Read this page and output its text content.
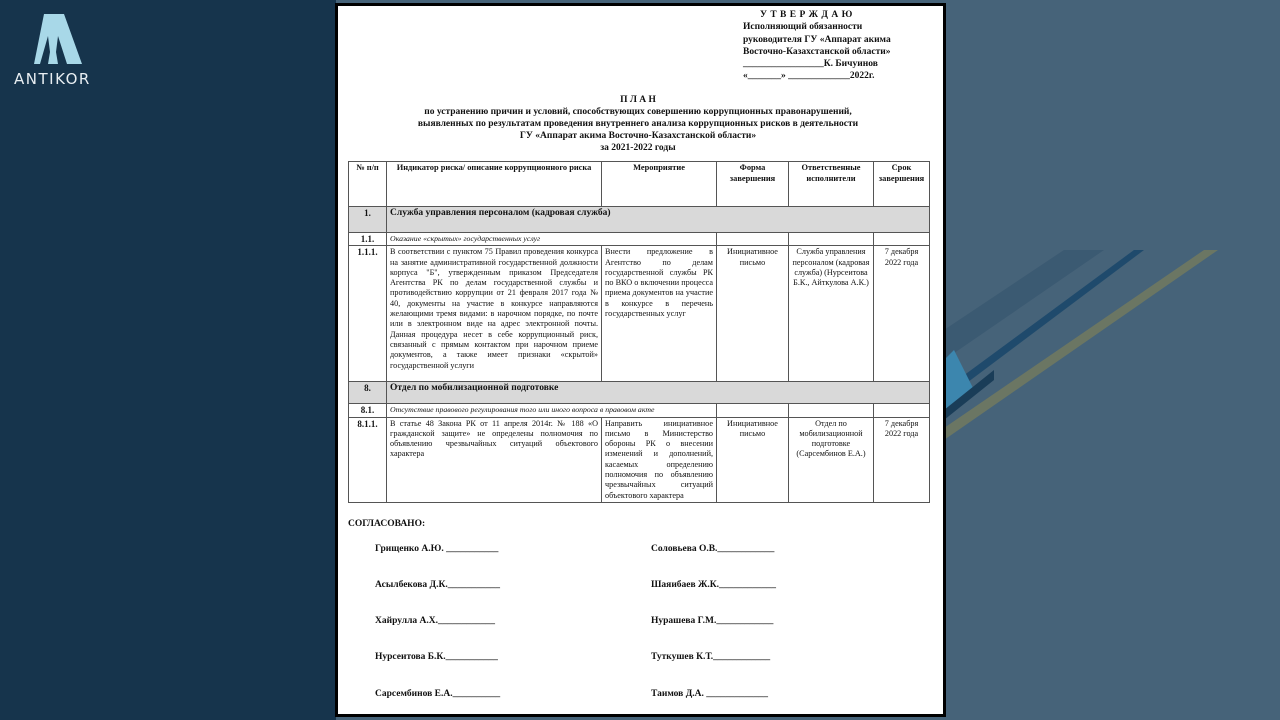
ANTIKOR
У Т В Е Р Ж Д А Ю
Исполняющий обязанности
руководителя ГУ «Аппарат акима
Восточно-Казахстанской области»
_________________К. Бичуинов
«_______» _____________2022г.
П Л А Н
по устранению причин и условий, способствующих совершению коррупционных правонарушений,
выявленных по результатам проведения внутреннего анализа коррупционных рисков в деятельности
ГУ «Аппарат акима Восточно-Казахстанской области»
за 2021-2022 годы
№ п/п	Индикатор риска/ описание коррупционного риска	Мероприятие	Форма завершения	Ответственные исполнители	Срок завершения
1.	Служба управления персоналом (кадровая служба)				
1.1.	Оказание «скрытых» государственных услуг				
1.1.1.	В соответствии с пунктом 75 Правил проведения конкурса на занятие административной государственной должности корпуса "Б", утвержденным приказом Председателя Агентства РК по делам государственной службы и противодействию коррупции от 21 февраля 2017 года № 40, документы на участие в конкурсе направляются желающими тремя видами: в нарочном порядке, по почте или в электронном виде на адрес электронной почты. Данная процедура несет в себе коррупционный риск, связанный с прямым контактом при нарочном приеме документов, а также имеет признаки «скрытой» государственной услуги	Внести предложение в Агентство по делам государственной службы РК по ВКО о включении процесса приема документов на участие в конкурсе в перечень государственных услуг	Инициативное письмо	Служба управления персоналом (кадровая служба) (Нурсеитова Б.К., Айткулова А.К.)	7 декабря 2022 года
8.	Отдел по мобилизационной подготовке				
8.1.	Отсутствие правового регулирования того или иного вопроса в правовом акте				
8.1.1.	В статье 48 Закона РК от 11 апреля 2014г. № 188 «О гражданской защите» не определены полномочия по объявлению чрезвычайных ситуаций объектового характера	Направить инициативное письмо в Министерство обороны РК о внесении изменений и дополнений, касаемых определению полномочия по объявлению чрезвычайных ситуаций объектового характера	Инициативное письмо	Отдел по мобилизационной подготовке (Сарсембинов Е.А.)	7 декабря 2022 года
СОГЛАСОВАНО:
Грищенко А.Ю. ___________
Асылбекова Д.К.___________
Хайрулла А.Х.____________
Нурсеитова Б.К.___________
Сарсембинов Е.А.__________
Соловьева О.В.____________
Шаяибаев Ж.К.____________
Нурашева Г.М.____________
Туткушев К.Т.____________
Таимов Д.А. _____________
